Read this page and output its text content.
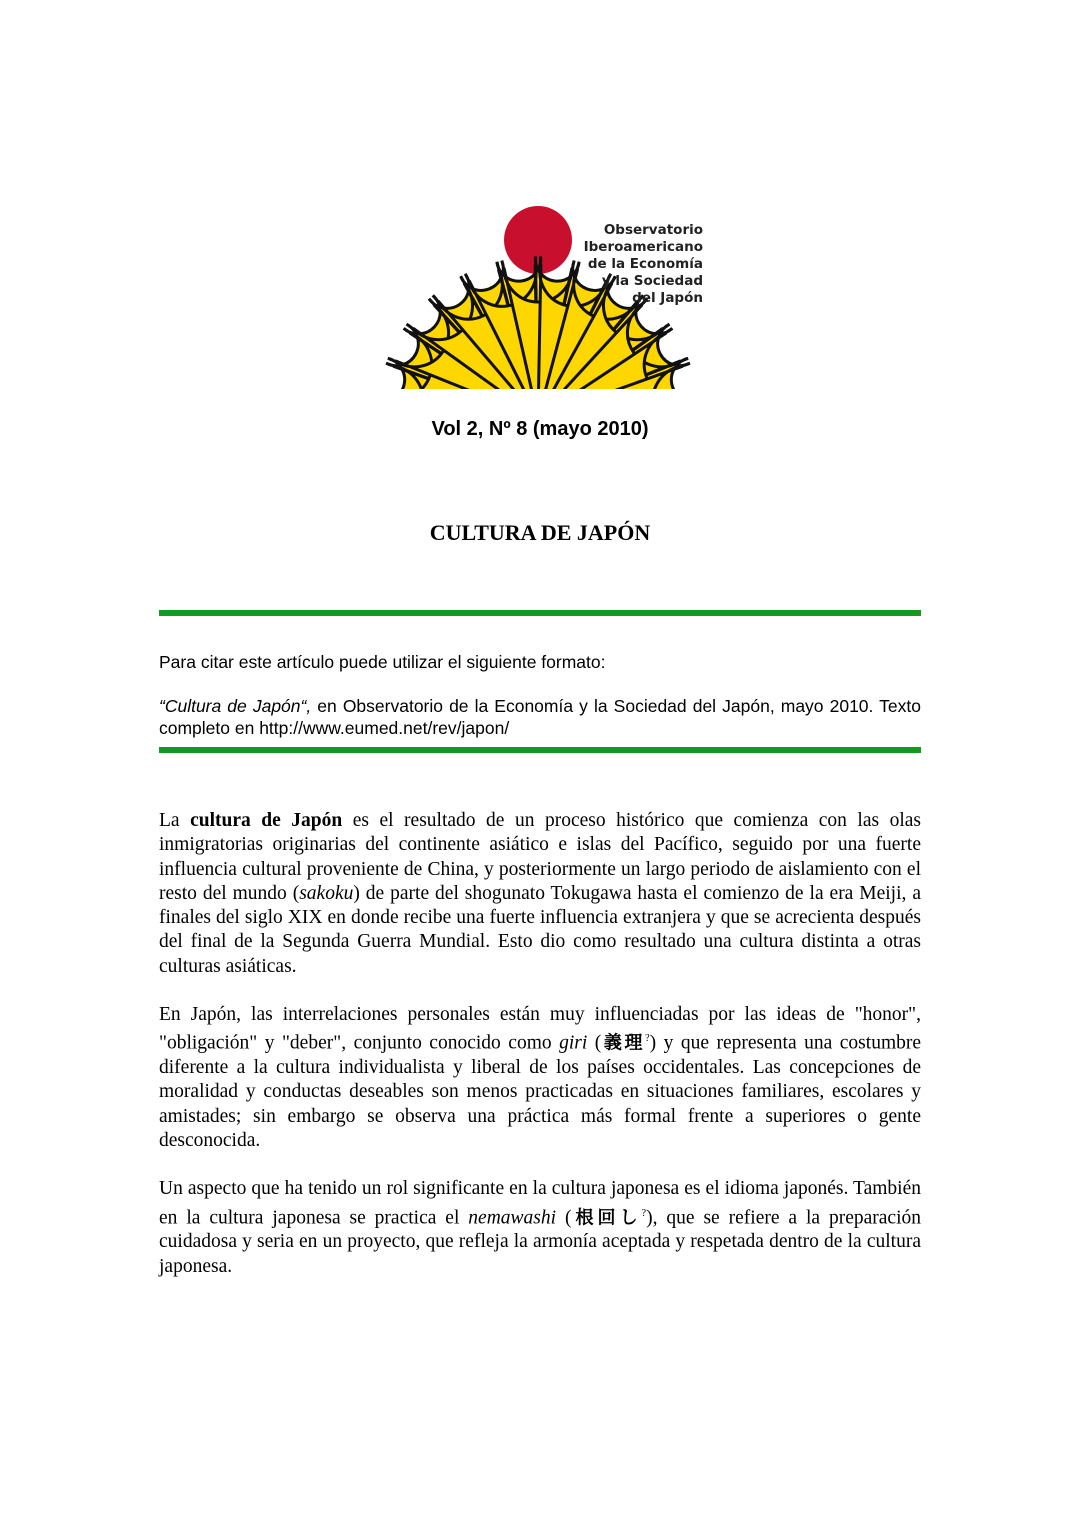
Observatorio
Iberoamericano
de la Economía
y la Sociedad
del Japón
Vol 2, Nº 8 (mayo 2010)
CULTURA DE JAPÓN
Para citar este artículo puede utilizar el siguiente formato:
“Cultura de Japón“, en Observatorio de la Economía y la Sociedad del Japón, mayo 2010. Texto completo en http://www.eumed.net/rev/japon/

La cultura de Japón es el resultado de un proceso histórico que comienza con las olas inmigratorias originarias del continente asiático e islas del Pacífico, seguido por una fuerte influencia cultural proveniente de China, y posteriormente un largo periodo de aislamiento con el resto del mundo (sakoku) de parte del shogunato Tokugawa hasta el comienzo de la era Meiji, a finales del siglo XIX en donde recibe una fuerte influencia extranjera y que se acrecienta después del final de la Segunda Guerra Mundial. Esto dio como resultado una cultura distinta a otras culturas asiáticas.

En Japón, las interrelaciones personales están muy influenciadas por las ideas de "honor", "obligación" y "deber", conjunto conocido como giri (義理?) y que representa una costumbre diferente a la cultura individualista y liberal de los países occidentales. Las concepciones de moralidad y conductas deseables son menos practicadas en situaciones familiares, escolares y amistades; sin embargo se observa una práctica más formal frente a superiores o gente desconocida.

Un aspecto que ha tenido un rol significante en la cultura japonesa es el idioma japonés. También en la cultura japonesa se practica el nemawashi (根回し?), que se refiere a la preparación cuidadosa y seria en un proyecto, que refleja la armonía aceptada y respetada dentro de la cultura japonesa.
